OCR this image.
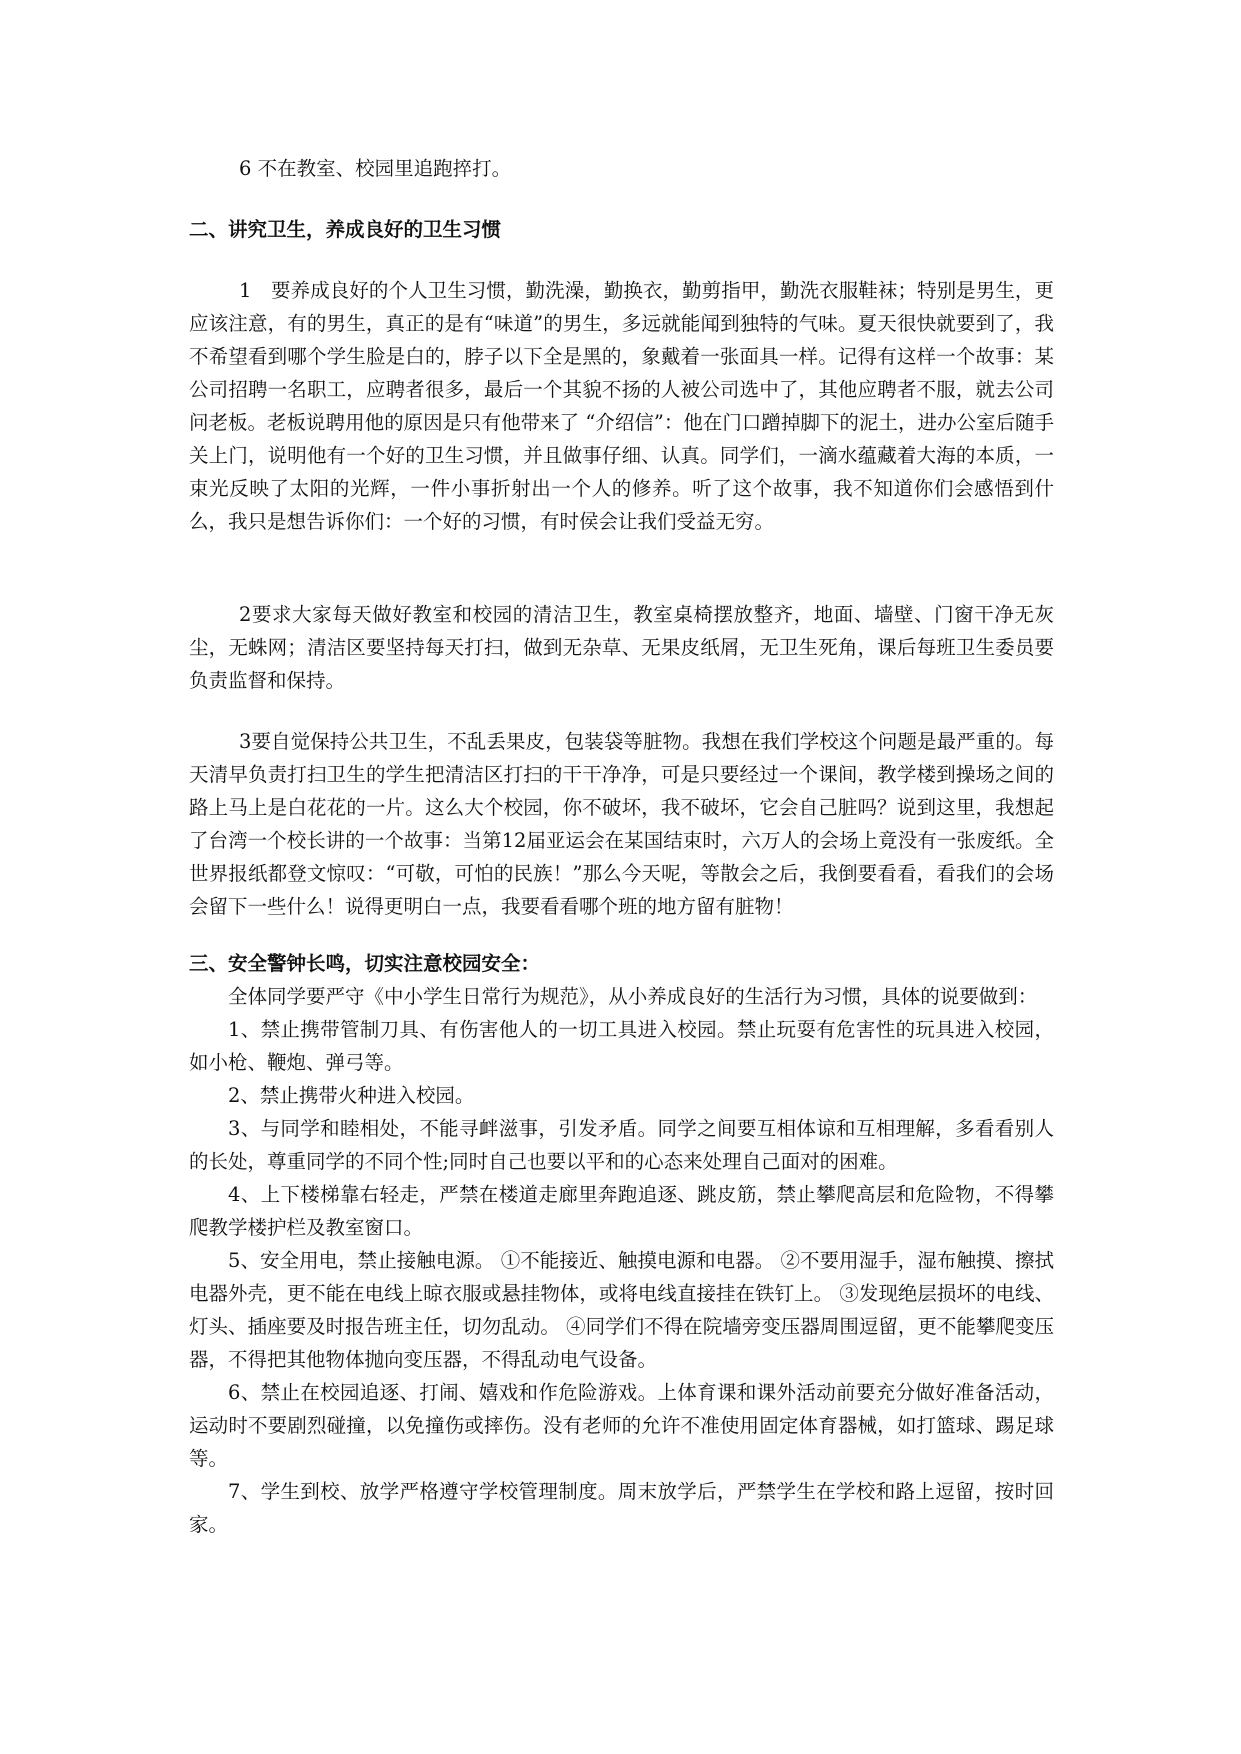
6 不在教室、校园里追跑捽打。

二、讲究卫生，养成良好的卫生习惯

1　要养成良好的个人卫生习惯，勤洗澡，勤换衣，勤剪指甲，勤洗衣服鞋袜；特别是男生，更应该注意，有的男生，真正的是有“味道”的男生，多远就能闻到独特的气味。夏天很快就要到了，我不希望看到哪个学生脸是白的，脖子以下全是黑的，象戴着一张面具一样。记得有这样一个故事：某公司招聘一名职工，应聘者很多，最后一个其貌不扬的人被公司选中了，其他应聘者不服，就去公司问老板。老板说聘用他的原因是只有他带来了 “介绍信”：他在门口蹭掉脚下的泥土，进办公室后随手关上门，说明他有一个好的卫生习惯，并且做事仔细、认真。同学们，一滴水蕴藏着大海的本质，一束光反映了太阳的光辉，一件小事折射出一个人的修养。听了这个故事，我不知道你们会感悟到什么，我只是想告诉你们：一个好的习惯，有时侯会让我们受益无穷。

2要求大家每天做好教室和校园的清洁卫生，教室桌椅摆放整齐，地面、墙壁、门窗干净无灰尘，无蛛网；清洁区要坚持每天打扫，做到无杂草、无果皮纸屑，无卫生死角，课后每班卫生委员要负责监督和保持。

3要自觉保持公共卫生，不乱丢果皮，包装袋等脏物。我想在我们学校这个问题是最严重的。每天清早负责打扫卫生的学生把清洁区打扫的干干净净，可是只要经过一个课间，教学楼到操场之间的路上马上是白花花的一片。这么大个校园，你不破坏，我不破坏，它会自己脏吗？说到这里，我想起了台湾一个校长讲的一个故事：当第12届亚运会在某国结束时，六万人的会场上竟没有一张废纸。全世界报纸都登文惊叹：“可敬，可怕的民族！”那么今天呢，等散会之后，我倒要看看，看我们的会场会留下一些什么！说得更明白一点，我要看看哪个班的地方留有脏物！

三、安全警钟长鸣，切实注意校园安全：

全体同学要严守《中小学生日常行为规范》，从小养成良好的生活行为习惯，具体的说要做到：

1、禁止携带管制刀具、有伤害他人的一切工具进入校园。禁止玩耍有危害性的玩具进入校园，如小枪、鞭炮、弹弓等。

2、禁止携带火种进入校园。

3、与同学和睦相处，不能寻衅滋事，引发矛盾。同学之间要互相体谅和互相理解，多看看别人的长处，尊重同学的不同个性;同时自己也要以平和的心态来处理自己面对的困难。

4、上下楼梯靠右轻走，严禁在楼道走廊里奔跑追逐、跳皮筋，禁止攀爬高层和危险物，不得攀爬教学楼护栏及教室窗口。

5、安全用电，禁止接触电源。 ①不能接近、触摸电源和电器。 ②不要用湿手，湿布触摸、擦拭电器外壳，更不能在电线上晾衣服或悬挂物体，或将电线直接挂在铁钉上。 ③发现绝层损坏的电线、灯头、插座要及时报告班主任，切勿乱动。 ④同学们不得在院墙旁变压器周围逗留，更不能攀爬变压器，不得把其他物体抛向变压器，不得乱动电气设备。

6、禁止在校园追逐、打闹、嬉戏和作危险游戏。上体育课和课外活动前要充分做好准备活动，运动时不要剧烈碰撞，以免撞伤或摔伤。没有老师的允许不准使用固定体育器械，如打篮球、踢足球等。

7、学生到校、放学严格遵守学校管理制度。周末放学后，严禁学生在学校和路上逗留，按时回家。
